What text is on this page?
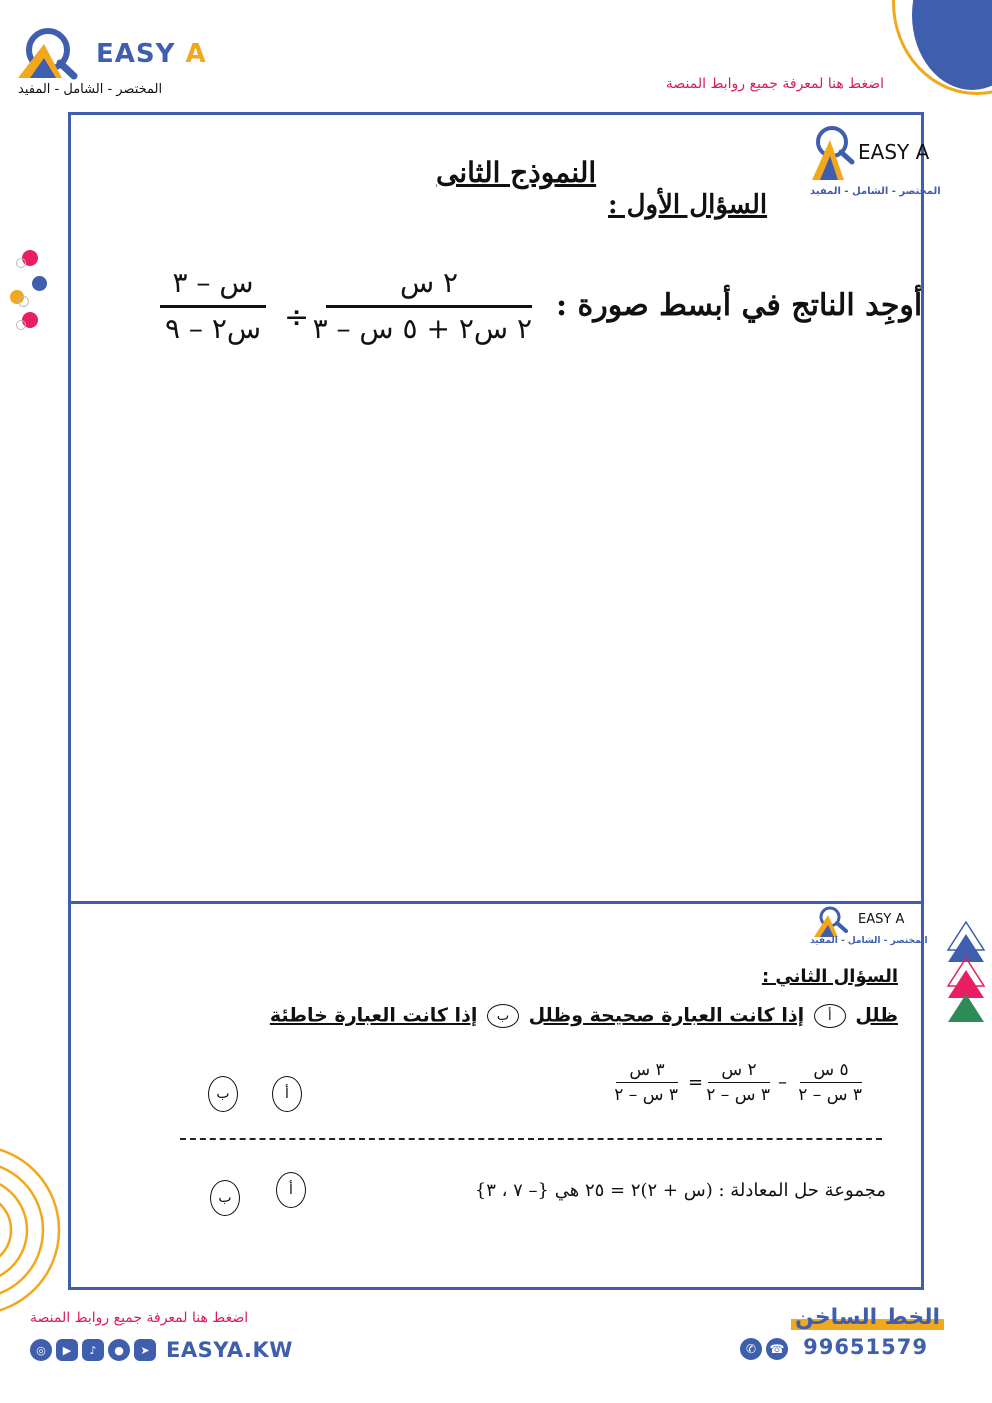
EASY A
المختصر - الشامل - المفيد	اضغط هنا لمعرفة جميع روابط المنصة
EASY
A
المختصر - الشامل - المفيد
النموذج الثانى
السؤال الأول :
أوجِد الناتج في أبسط صورة :
٢ س
٢ س٢ + ٥ س – ٣
÷
س – ٣
س٢ – ٩
EASY
A
المختصر - الشامل - المفيد
السؤال الثاني :
ظلل أ إذا كانت العبارة صحيحة وظلل ب إذا كانت العبارة خاطئة
٥ س
٣ س – ٢
–
٢ س
٣ س – ٢
=
٣ س
٣ س – ٢
أ
ب
مجموعة حل المعادلة : (س + ٢)٢ = ٢٥ هي {– ٧ ، ٣}
أ
ب
الخط الساخن
99651579
✆	☎
اضغط هنا لمعرفة جميع روابط المنصة
◎	▶	♪	●	➤ EASYA.KW
